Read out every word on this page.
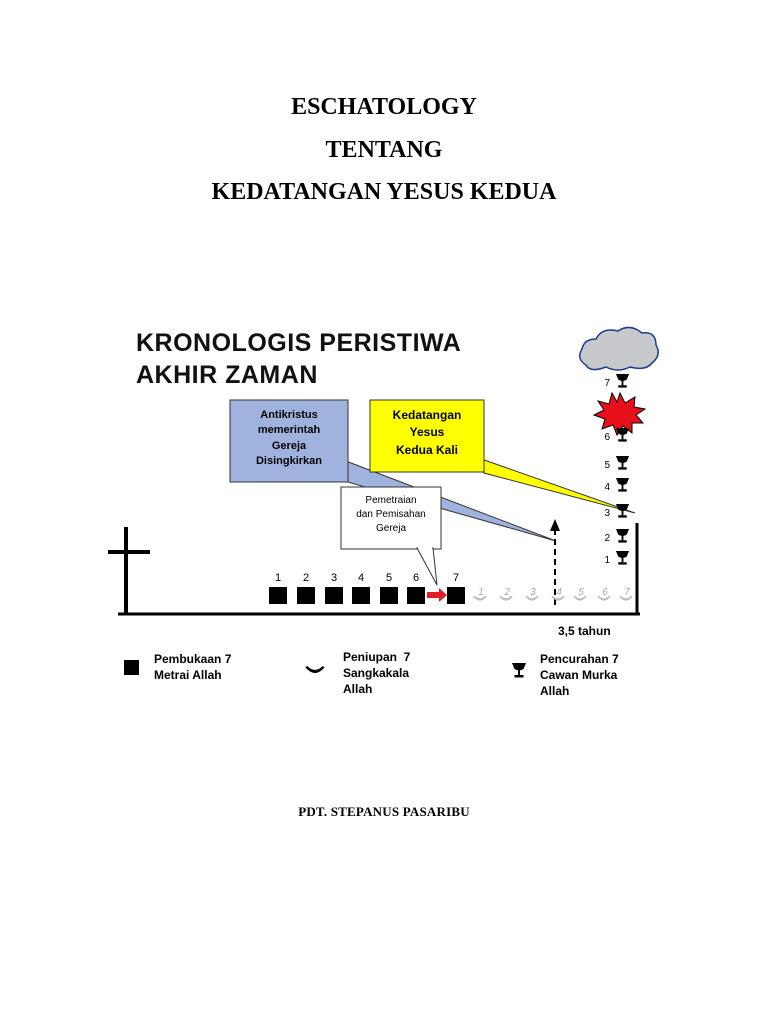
ESCHATOLOGY
TENTANG
KEDATANGAN YESUS KEDUA
KRONOLOGIS PERISTIWA
AKHIR ZAMAN
Antikristus
memerintah
Gereja
Disingkirkan
Kedatangan
Yesus
Kedua Kali
Pemetraian
dan Pemisahan
Gereja
1 2 3 4 5 6	7
1 2 3 4 5 6 7
1
2
3
4
5
6
7
3,5 tahun
Pembukaan 7
Metrai Allah
Peniupan  7
Sangkakala
Allah
Pencurahan 7
Cawan Murka
Allah
PDT. STEPANUS PASARIBU
